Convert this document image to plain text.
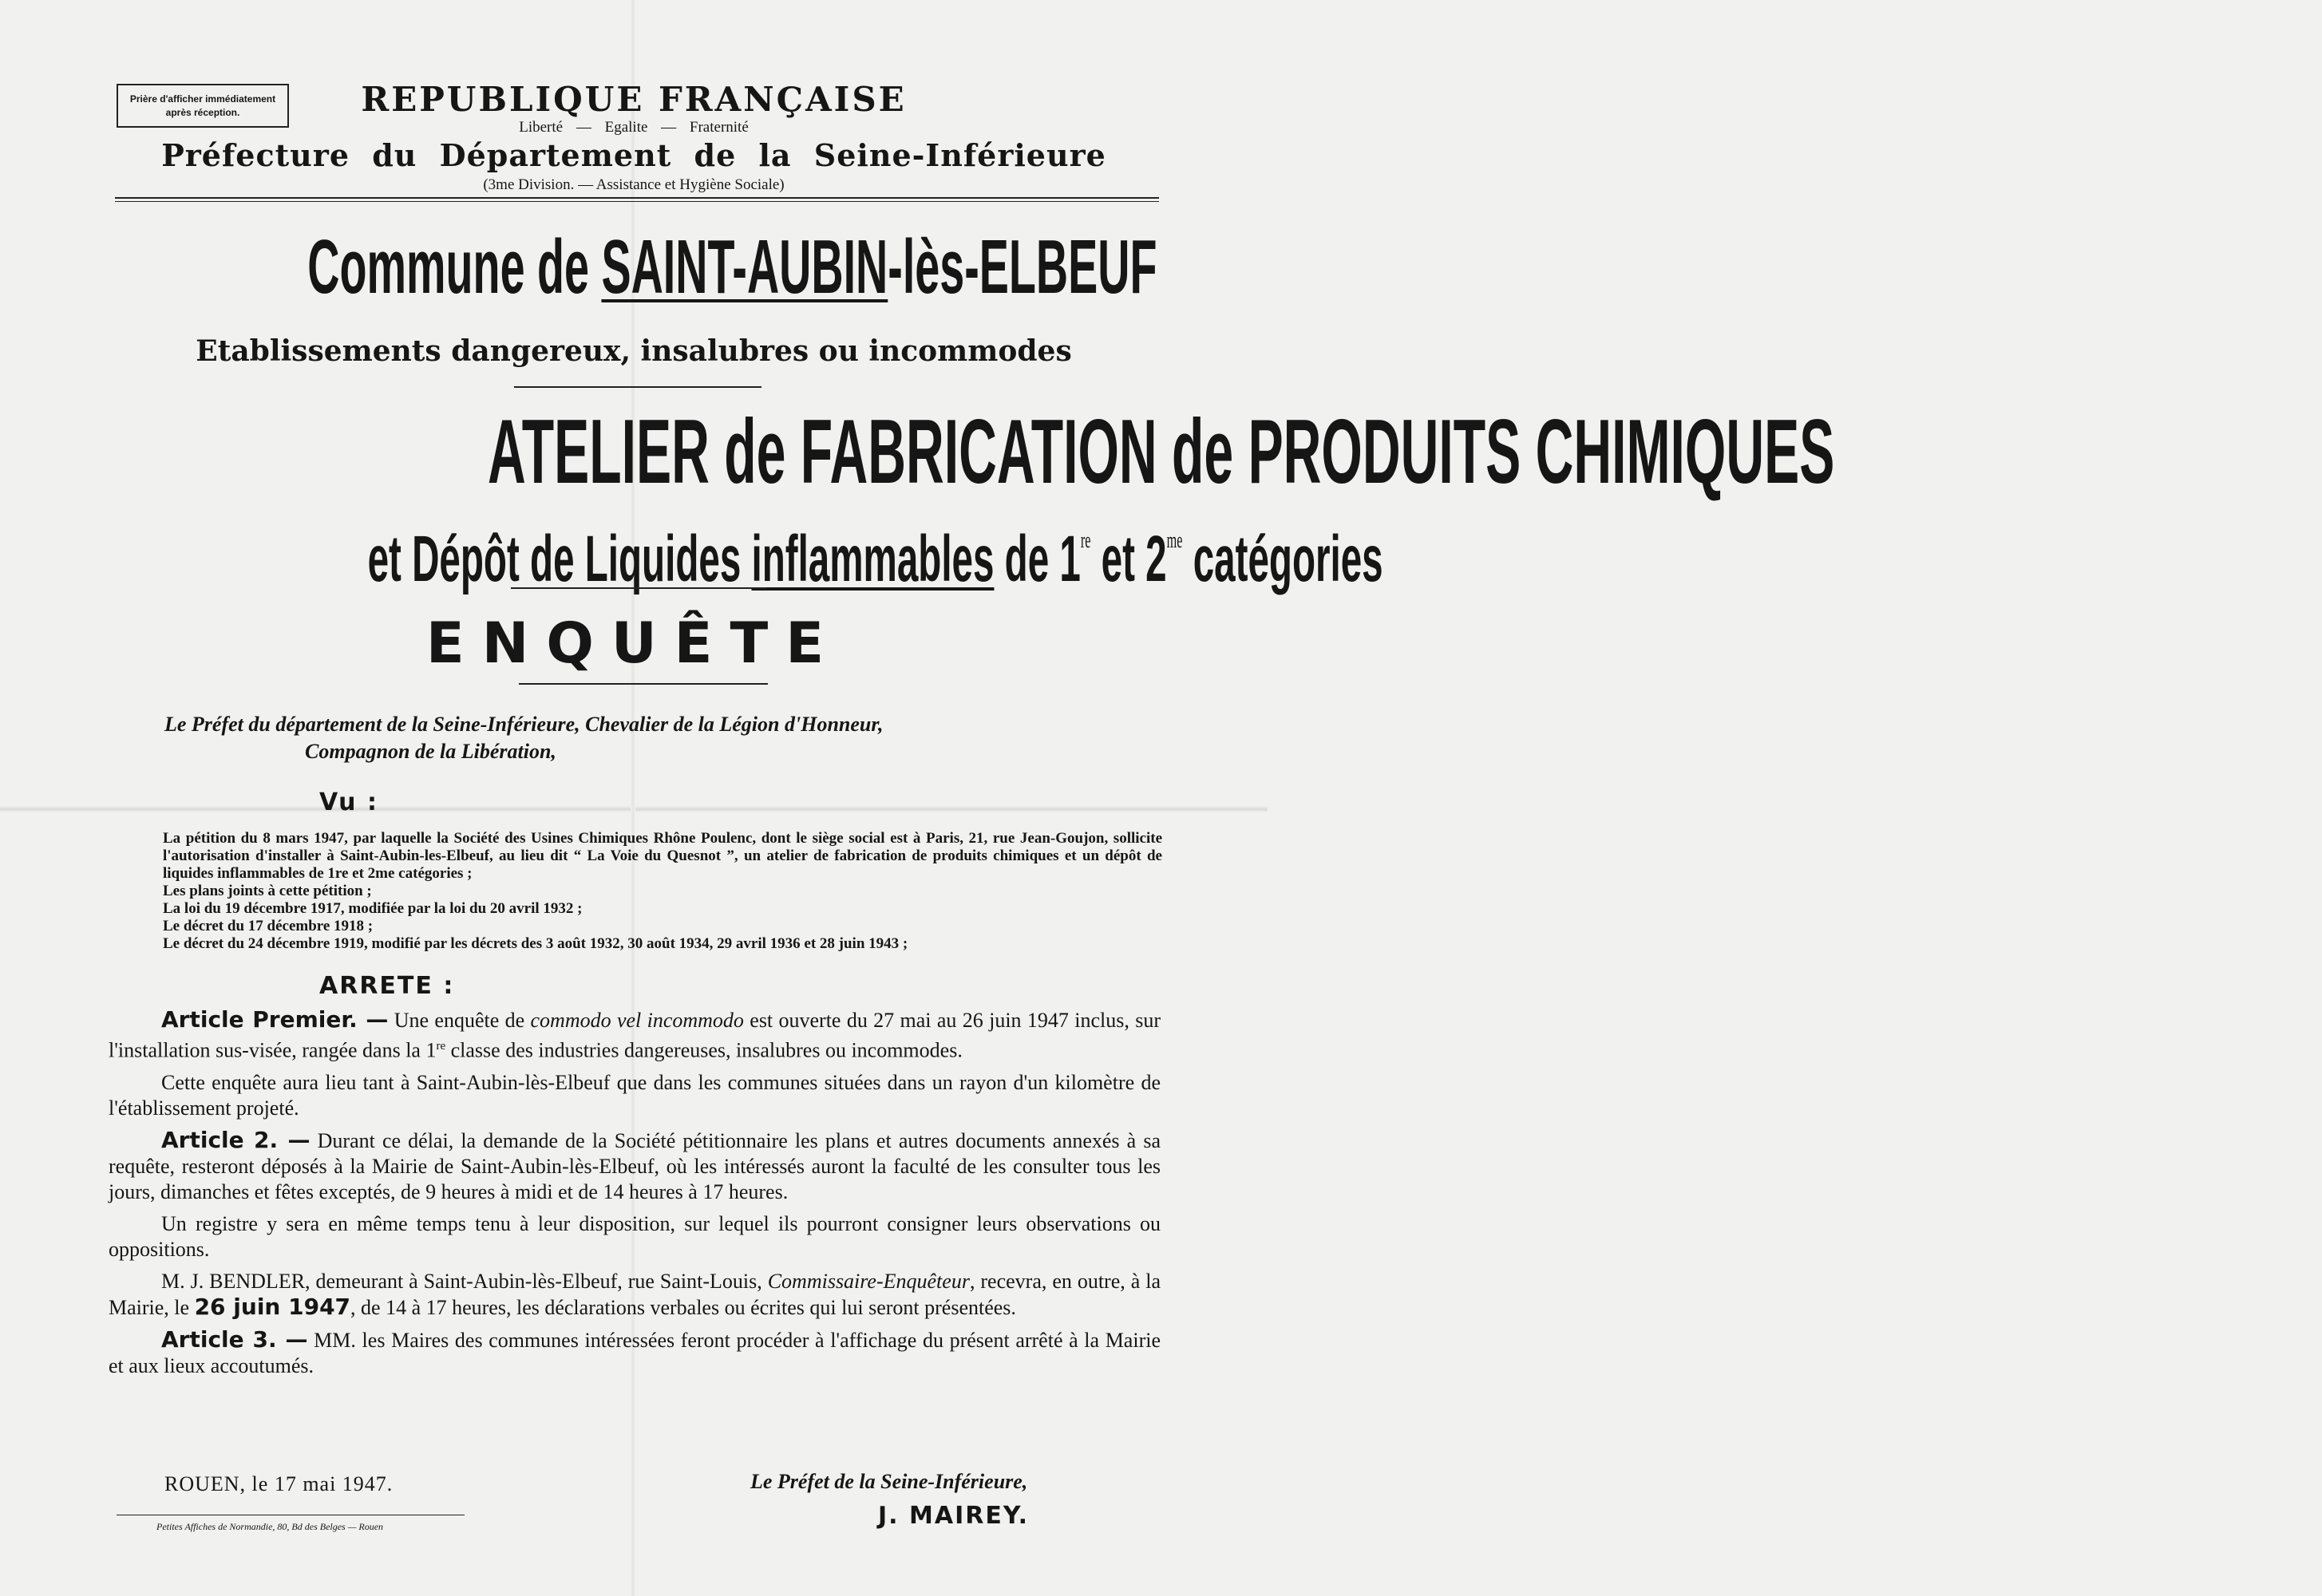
Prière d'afficher immédiatement
après réception.	REPUBLIQUE FRANÇAISE
Liberté — Egalite — Fraternité
Préfecture du Département de la Seine-Inférieure
(3me Division. — Assistance et Hygiène Sociale)
Commune de SAINT-AUBIN-lès-ELBEUF
Etablissements dangereux, insalubres ou incommodes
ATELIER de FABRICATION de PRODUITS CHIMIQUES
et Dépôt de Liquides inflammables de 1re et $2^{me}$ catégories
ENQUÊTE
Le Préfet du département de la Seine-Inférieure, Chevalier de la Légion d'Honneur,
Compagnon de la Libération,
Vu :

La pétition du 8 mars 1947, par laquelle la Société des Usines Chimiques Rhône Poulenc, dont le siège social est à Paris, 21, rue Jean-Goujon, sollicite l'autorisation d'installer à Saint-Aubin-les-Elbeuf, au lieu dit “ La Voie du Quesnot ”, un atelier de fabrication de produits chimiques et un dépôt de liquides inflammables de 1re et 2me catégories ;

Les plans joints à cette pétition ;

La loi du 19 décembre 1917, modifiée par la loi du 20 avril 1932 ;

Le décret du 17 décembre 1918 ;

Le décret du 24 décembre 1919, modifié par les décrets des 3 août 1932, 30 août 1934, 29 avril 1936 et 28 juin 1943 ;

ARRETE :

Article Premier. — Une enquête de commodo vel incommodo est ouverte du 27 mai au 26 juin 1947 inclus, sur l'installation sus-visée, rangée dans la 1re classe des industries dangereuses, insalubres ou incommodes.

Cette enquête aura lieu tant à Saint-Aubin-lès-Elbeuf que dans les communes situées dans un rayon d'un kilomètre de l'établissement projeté.

Article 2. — Durant ce délai, la demande de la Société pétitionnaire les plans et autres documents annexés à sa requête, resteront déposés à la Mairie de Saint-Aubin-lès-Elbeuf, où les intéressés auront la faculté de les consulter tous les jours, dimanches et fêtes exceptés, de 9 heures à midi et de 14 heures à 17 heures.

Un registre y sera en même temps tenu à leur disposition, sur lequel ils pourront consigner leurs observations ou oppositions.

M. J. BENDLER, demeurant à Saint-Aubin-lès-Elbeuf, rue Saint-Louis, Commissaire-Enquêteur, recevra, en outre, à la Mairie, le 26 juin 1947, de 14 à 17 heures, les déclarations verbales ou écrites qui lui seront présentées.

Article 3. — MM. les Maires des communes intéressées feront procéder à l'affichage du présent arrêté à la Mairie et aux lieux accoutumés.

ROUEN, le 17 mai 1947.	Le Préfet de la Seine-Inférieure,
J. MAIREY.
Petites Affiches de Normandie, 80, Bd des Belges — Rouen
